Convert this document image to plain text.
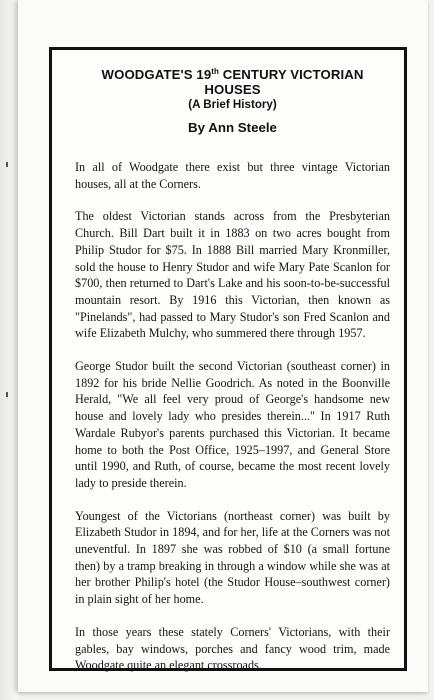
WOODGATE'S 19th CENTURY VICTORIAN HOUSES
(A Brief History)
By Ann Steele

In all of Woodgate there exist but three vintage Victorian houses, all at the Corners.

The oldest Victorian stands across from the Presbyterian Church. Bill Dart built it in 1883 on two acres bought from Philip Studor for $75. In 1888 Bill married Mary Kronmiller, sold the house to Henry Studor and wife Mary Pate Scanlon for $700, then returned to Dart's Lake and his soon-to-be-successful mountain resort. By 1916 this Victorian, then known as "Pinelands", had passed to Mary Studor's son Fred Scanlon and wife Elizabeth Mulchy, who summered there through 1957.

George Studor built the second Victorian (southeast corner) in 1892 for his bride Nellie Goodrich. As noted in the Boonville Herald, "We all feel very proud of George's handsome new house and lovely lady who presides therein..." In 1917 Ruth Wardale Rubyor's parents purchased this Victorian. It became home to both the Post Office, 1925–1997, and General Store until 1990, and Ruth, of course, became the most recent lovely lady to preside therein.

Youngest of the Victorians (northeast corner) was built by Elizabeth Studor in 1894, and for her, life at the Corners was not uneventful. In 1897 she was robbed of $10 (a small fortune then) by a tramp breaking in through a window while she was at her brother Philip's hotel (the Studor House–southwest corner) in plain sight of her home.

In those years these stately Corners' Victorians, with their gables, bay windows, porches and fancy wood trim, made Woodgate quite an elegant crossroads.
